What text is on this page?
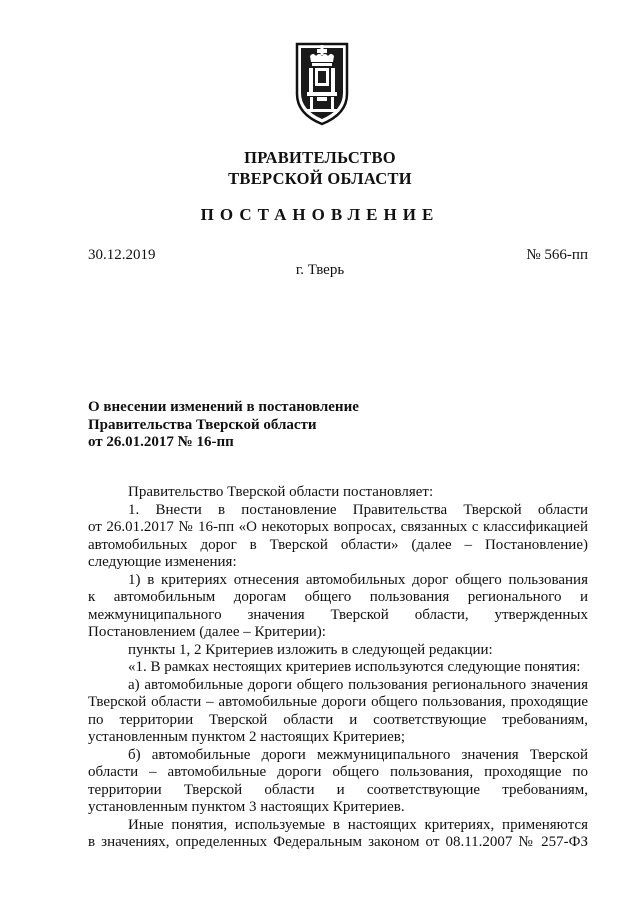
ПРАВИТЕЛЬСТВО
ТВЕРСКОЙ ОБЛАСТИ
ПОСТАНОВЛЕНИЕ
30.12.2019	№ 566-пп
г. Тверь
О внесении изменений в постановление
Правительства Тверской области
от 26.01.2017 № 16-пп

Правительство Тверской области постановляет:

1. Внести в постановление Правительства Тверской области
от 26.01.2017 № 16-пп «О некоторых вопросах, связанных с классификацией
автомобильных дорог в Тверской области» (далее – Постановление)
следующие изменения:

1) в критериях отнесения автомобильных дорог общего пользования
к автомобильным дорогам общего пользования регионального и
межмуниципального значения Тверской области, утвержденных
Постановлением (далее – Критерии):

пункты 1, 2 Критериев изложить в следующей редакции:

«1. В рамках нестоящих критериев используются следующие понятия:

а) автомобильные дороги общего пользования регионального значения
Тверской области – автомобильные дороги общего пользования, проходящие
по территории Тверской области и соответствующие требованиям,
установленным пунктом 2 настоящих Критериев;

б) автомобильные дороги межмуниципального значения Тверской
области – автомобильные дороги общего пользования, проходящие по
территории Тверской области и соответствующие требованиям,
установленным пунктом 3 настоящих Критериев.

Иные понятия, используемые в настоящих критериях, применяются
в значениях, определенных Федеральным законом от 08.11.2007 № 257-ФЗ
